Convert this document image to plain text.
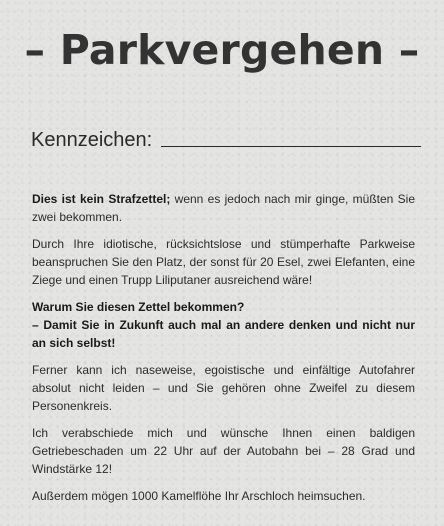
– Parkvergehen –
Kennzeichen:

Dies ist kein Strafzettel; wenn es jedoch nach mir ginge, müßten Sie zwei bekommen.

Durch Ihre idiotische, rücksichtslose und stümperhafte Parkweise beanspruchen Sie den Platz, der sonst für 20 Esel, zwei Elefanten, eine Ziege und einen Trupp Liliputaner ausreichend wäre!

Warum Sie diesen Zettel bekommen?
– Damit Sie in Zukunft auch mal an andere denken und nicht nur an sich selbst!

Ferner kann ich naseweise, egoistische und einfältige Autofahrer absolut nicht leiden – und Sie gehören ohne Zweifel zu diesem Personenkreis.

Ich verabschiede mich und wünsche Ihnen einen baldigen Getriebeschaden um 22 Uhr auf der Autobahn bei – 28 Grad und Windstärke 12!

Außerdem mögen 1000 Kamelflöhe Ihr Arschloch heimsuchen.
